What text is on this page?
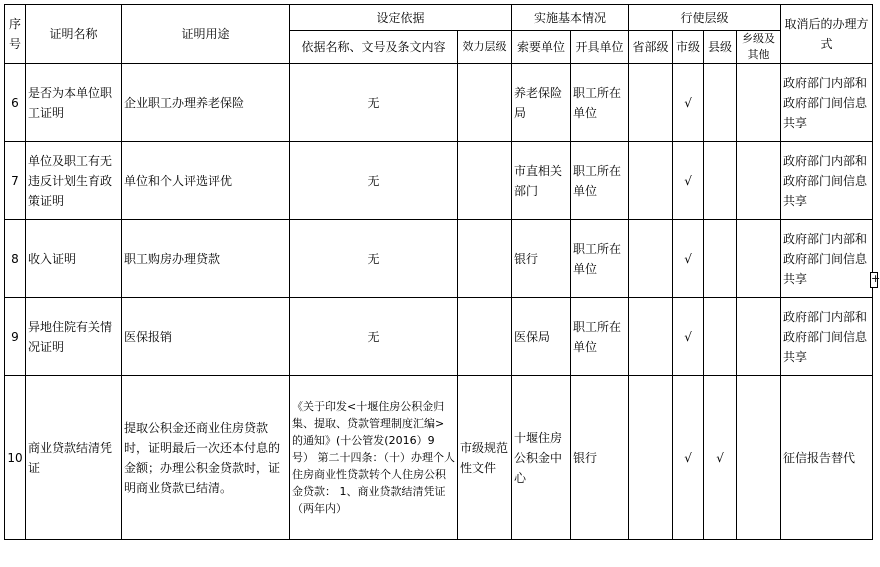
序号	证明名称	证明用途	设定依据		实施基本情况		行使层级				取消后的办理方式
			依据名称、文号及条文内容	效力层级	索要单位	开具单位	省部级	市级	县级	乡级及其他	
6	是否为本单位职工证明	企业职工办理养老保险	无		养老保险局	职工所在单位		√			政府部门内部和政府部门间信息共享
7	单位及职工有无违反计划生育政策证明	单位和个人评选评优	无		市直相关部门	职工所在单位		√			政府部门内部和政府部门间信息共享
8	收入证明	职工购房办理贷款	无		银行	职工所在单位		√			政府部门内部和政府部门间信息共享
9	异地住院有关情况证明	医保报销	无		医保局	职工所在单位		√			政府部门内部和政府部门间信息共享
10	商业贷款结清凭证	提取公积金还商业住房贷款时，证明最后一次还本付息的金额；办理公积金贷款时，证明商业贷款已结清。	《关于印发<十堰住房公积金归集、提取、贷款管理制度汇编>的通知》(十公管发(2016）9号） 第二十四条：（十）办理个人住房商业性贷款转个人住房公积金贷款： 1、商业贷款结清凭证（两年内）	市级规范性文件	十堰住房公积金中心	银行		√	√		征信报告替代
+
